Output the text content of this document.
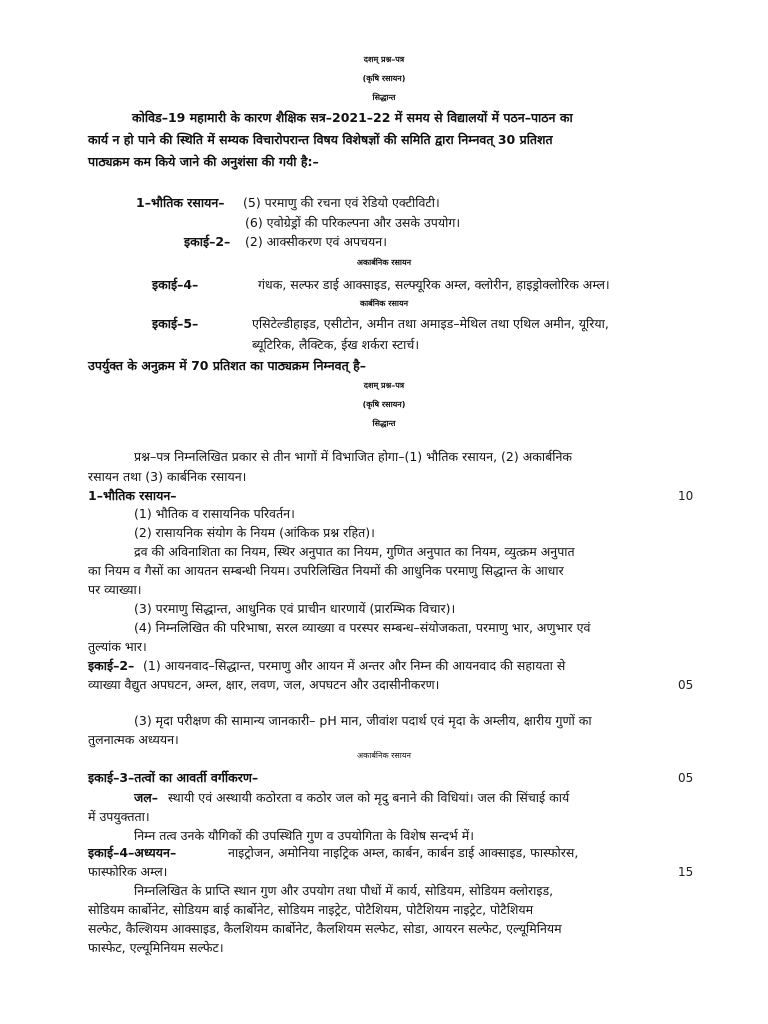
दशम् प्रश्न–पत्र
(कृषि रसायन)
सिद्धान्त
कोविड–19 महामारी के कारण शैक्षिक सत्र–2021–22 में समय से विद्यालयों में पठन–पाठन का
कार्य न हो पाने की स्थिति में सम्यक विचारोपरान्त विषय विशेषज्ञों की समिति द्वारा निम्नवत् 30 प्रतिशत
पाठ्यक्रम कम किये जाने की अनुशंसा की गयी है:–
1–भौतिक रसायन– (5) परमाणु की रचना एवं रेडियो एक्टीविटी।
(6) एवोग्रेड्रों की परिकल्पना और उसके उपयोग।
इकाई–2– (2) आक्सीकरण एवं अपचयन।
अकार्बनिक रसायन
इकाई–4–	गंधक, सल्फर डाई आक्साइड, सल्फ्यूरिक अम्ल, क्लोरीन, हाइड्रोक्लोरिक अम्ल।
कार्बनिक रसायन
इकाई–5–	एसिटेल्डीहाइड, एसीटोन, अमीन तथा अमाइड–मेथिल तथा एथिल अमीन, यूरिया,
ब्यूटिरिक, लैक्टिक, ईख शर्करा स्टार्च।
उपर्युक्त के अनुक्रम में 70 प्रतिशत का पाठ्यक्रम निम्नवत् है–
दशम् प्रश्न–पत्र
(कृषि रसायन)
सिद्धान्त
प्रश्न–पत्र निम्नलिखित प्रकार से तीन भागों में विभाजित होगा–(1) भौतिक रसायन, (2) अकार्बनिक
रसायन तथा (3) कार्बनिक रसायन।
1–भौतिक रसायन–	10
(1) भौतिक व रासायनिक परिवर्तन।
(2) रासायनिक संयोग के नियम (आंकिक प्रश्न रहित)।
द्रव की अविनाशिता का नियम, स्थिर अनुपात का नियम, गुणित अनुपात का नियम, व्युत्क्रम अनुपात
का नियम व गैसों का आयतन सम्बन्धी नियम। उपरिलिखित नियमों की आधुनिक परमाणु सिद्धान्त के आधार
पर व्याख्या।
(3) परमाणु सिद्धान्त, आधुनिक एवं प्राचीन धारणायें (प्रारम्भिक विचार)।
(4) निम्नलिखित की परिभाषा, सरल व्याख्या व परस्पर सम्बन्ध–संयोजकता, परमाणु भार, अणुभार एवं
तुल्यांक भार।
इकाई–2– (1) आयनवाद–सिद्धान्त, परमाणु और आयन में अन्तर और निम्न की आयनवाद की सहायता से
व्याख्या वैद्युत अपघटन, अम्ल, क्षार, लवण, जल, अपघटन और उदासीनीकरण।	05
(3) मृदा परीक्षण की सामान्य जानकारी– pH मान, जीवांश पदार्थ एवं मृदा के अम्लीय, क्षारीय गुणों का
तुलनात्मक अध्ययन।
अकार्बनिक रसायन
इकाई–3–तत्वों का आवर्ती वर्गीकरण–	05
जल– स्थायी एवं अस्थायी कठोरता व कठोर जल को मृदु बनाने की विधियां। जल की सिंचाई कार्य
में उपयुक्तता।
निम्न तत्व उनके यौगिकों की उपस्थिति गुण व उपयोगिता के विशेष सन्दर्भ में।
इकाई–4–अध्ययन–	नाइट्रोजन, अमोनिया नाइट्रिक अम्ल, कार्बन, कार्बन डाई आक्साइड, फास्फोरस,
फास्फोरिक अम्ल।	15
निम्नलिखित के प्राप्ति स्थान गुण और उपयोग तथा पौधों में कार्य, सोडियम, सोडियम क्लोराइड,
सोडियम कार्बोनेट, सोडियम बाई कार्बोनेट, सोडियम नाइट्रेट, पोटैशियम, पोटैशियम नाइट्रेट, पोटैशियम
सल्फेट, कैल्शियम आक्साइड, कैलशियम कार्बोनेट, कैलशियम सल्फेट, सोडा, आयरन सल्फेट, एल्यूमिनियम
फास्फेट, एल्यूमिनियम सल्फेट।
